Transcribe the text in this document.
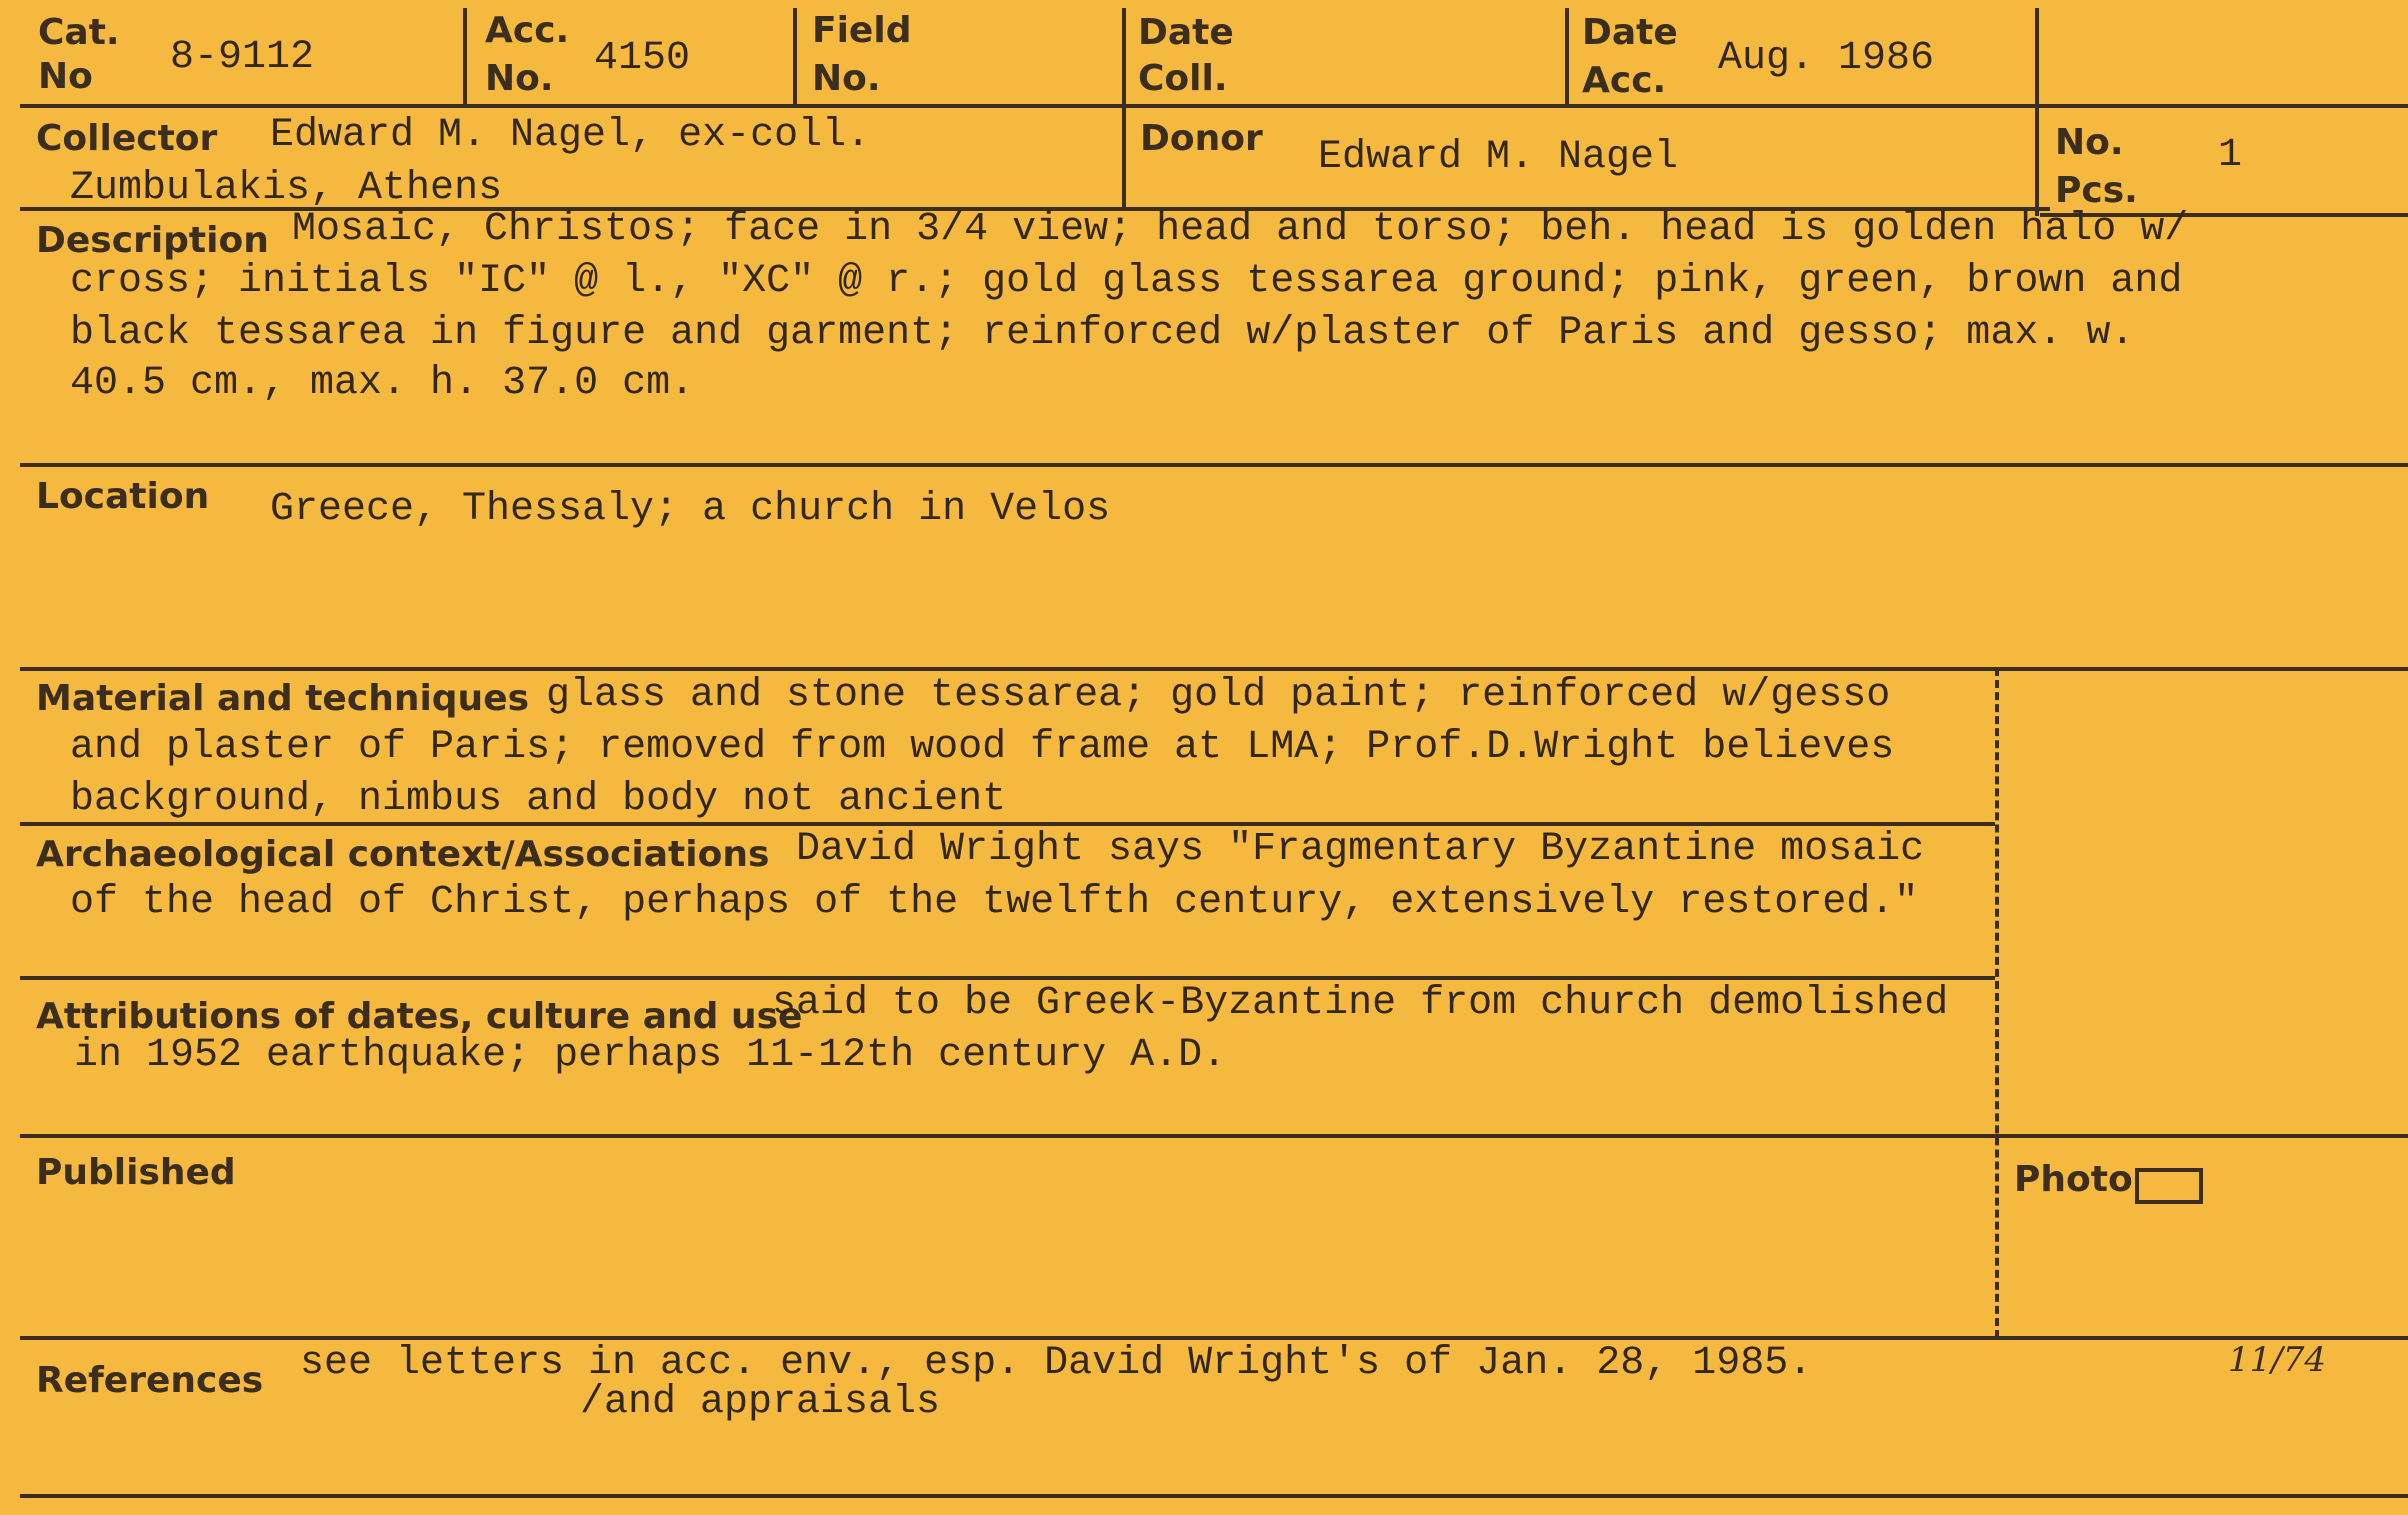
Cat.
No 8-9112
Acc.
No. 4150
Field
No.
Date
Coll.
Date
Acc. Aug. 1986
Collector Edward M. Nagel, ex-coll.
Zumbulakis, Athens
Donor Edward M. Nagel	No.
Pcs.
1
Description Mosaic, Christos; face in 3/4 view; head and torso; beh. head is golden halo w/
cross; initials "IC" @ l., "XC" @ r.; gold glass tessarea ground; pink, green, brown and
black tessarea in figure and garment; reinforced w/plaster of Paris and gesso; max. w.
40.5 cm., max. h. 37.0 cm.
Location Greece, Thessaly; a church in Velos
Material and techniques glass and stone tessarea; gold paint; reinforced w/gesso
and plaster of Paris; removed from wood frame at LMA; Prof.D.Wright believes
background, nimbus and body not ancient
Archaeological context/Associations David Wright says "Fragmentary Byzantine mosaic
of the head of Christ, perhaps of the twelfth century, extensively restored."
Attributions of dates, culture and use
said to be Greek-Byzantine from church demolished
in 1952 earthquake; perhaps 11-12th century A.D.
Published	Photo
References see letters in acc. env., esp. David Wright's of Jan. 28, 1985.
/and appraisals
11/74
